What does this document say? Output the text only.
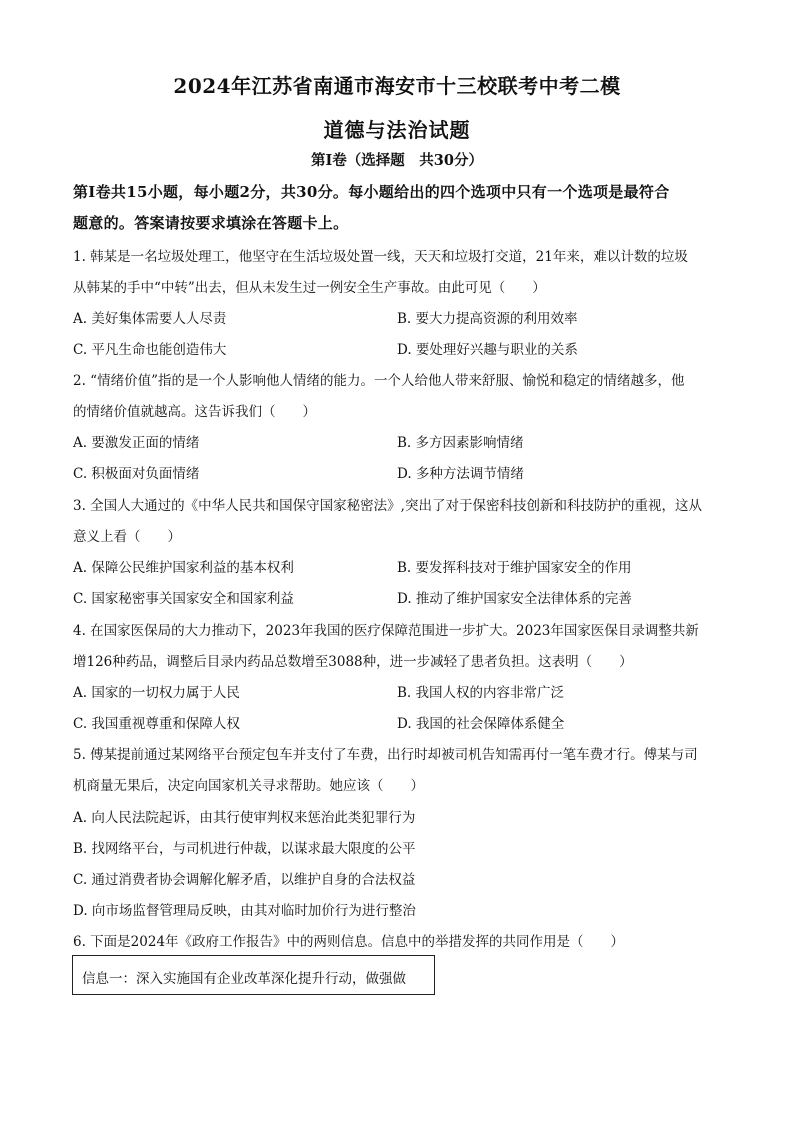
2024年江苏省南通市海安市十三校联考中考二模
道德与法治试题
第Ⅰ卷（选择题　共30分）
第Ⅰ卷共15小题，每小题2分，共30分。每小题给出的四个选项中只有一个选项是最符合
题意的。答案请按要求填涂在答题卡上。
1. 韩某是一名垃圾处理工，他坚守在生活垃圾处置一线，天天和垃圾打交道，21年来，难以计数的垃圾
从韩某的手中“中转”出去，但从未发生过一例安全生产事故。由此可见（　　）
A. 美好集体需要人人尽责	B. 要大力提高资源的利用效率
C. 平凡生命也能创造伟大	D. 要处理好兴趣与职业的关系
2. “情绪价值”指的是一个人影响他人情绪的能力。一个人给他人带来舒服、愉悦和稳定的情绪越多，他
的情绪价值就越高。这告诉我们（　　）
A. 要激发正面的情绪	B. 多方因素影响情绪
C. 积极面对负面情绪	D. 多种方法调节情绪
3. 全国人大通过的《中华人民共和国保守国家秘密法》,突出了对于保密科技创新和科技防护的重视，这从
意义上看（　　）
A. 保障公民维护国家利益的基本权利	B. 要发挥科技对于维护国家安全的作用
C. 国家秘密事关国家安全和国家利益	D. 推动了维护国家安全法律体系的完善
4. 在国家医保局的大力推动下，2023年我国的医疗保障范围进一步扩大。2023年国家医保目录调整共新
增126种药品，调整后目录内药品总数增至3088种，进一步减轻了患者负担。这表明（　　）
A. 国家的一切权力属于人民	B. 我国人权的内容非常广泛
C. 我国重视尊重和保障人权	D. 我国的社会保障体系健全
5. 傅某提前通过某网络平台预定包车并支付了车费，出行时却被司机告知需再付一笔车费才行。傅某与司
机商量无果后，决定向国家机关寻求帮助。她应该（　　）
A. 向人民法院起诉，由其行使审判权来惩治此类犯罪行为
B. 找网络平台，与司机进行仲裁，以谋求最大限度的公平
C. 通过消费者协会调解化解矛盾，以维护自身的合法权益
D. 向市场监督管理局反映，由其对临时加价行为进行整治
6. 下面是2024年《政府工作报告》中的两则信息。信息中的举措发挥的共同作用是（　　）
信息一：深入实施国有企业改革深化提升行动，做强做
